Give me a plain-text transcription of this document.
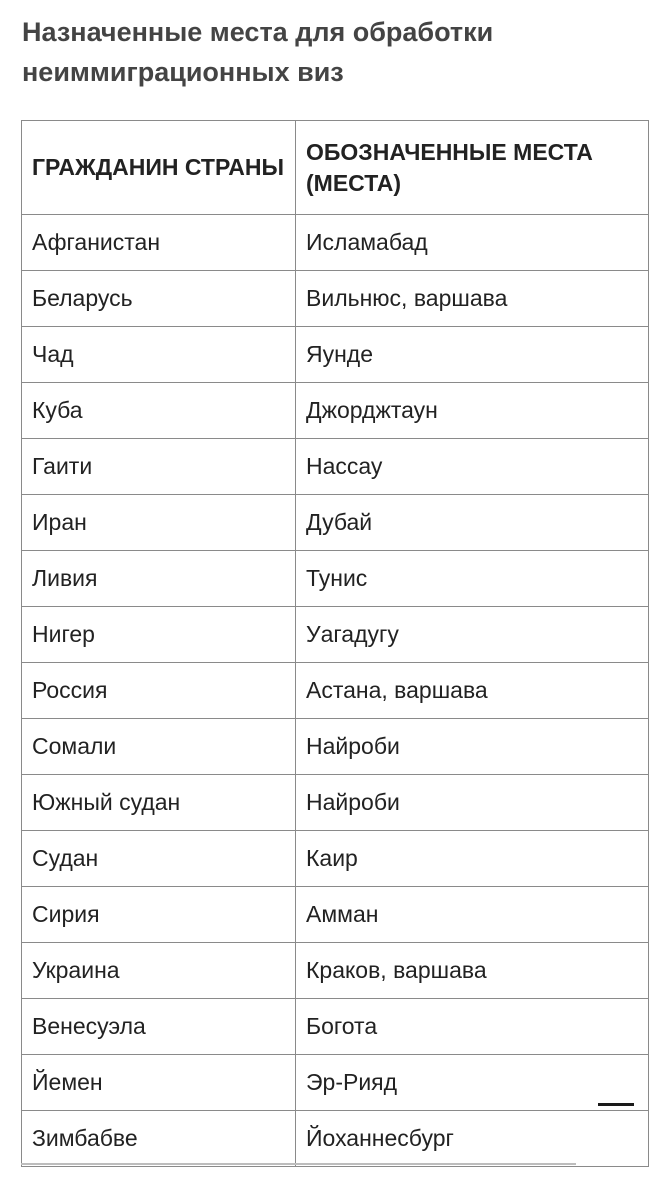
Назначенные места для обработки неиммиграционных виз
ГРАЖДАНИН СТРАНЫ	ОБОЗНАЧЕННЫЕ МЕСТА (МЕСТА)
Афганистан	Исламабад
Беларусь	Вильнюс, варшава
Чад	Яунде
Куба	Джорджтаун
Гаити	Нассау
Иран	Дубай
Ливия	Тунис
Нигер	Уагадугу
Россия	Астана, варшава
Сомали	Найроби
Южный судан	Найроби
Судан	Каир
Сирия	Амман
Украина	Краков, варшава
Венесуэла	Богота
Йемен	Эр-Рияд
Зимбабве	Йоханнесбург
